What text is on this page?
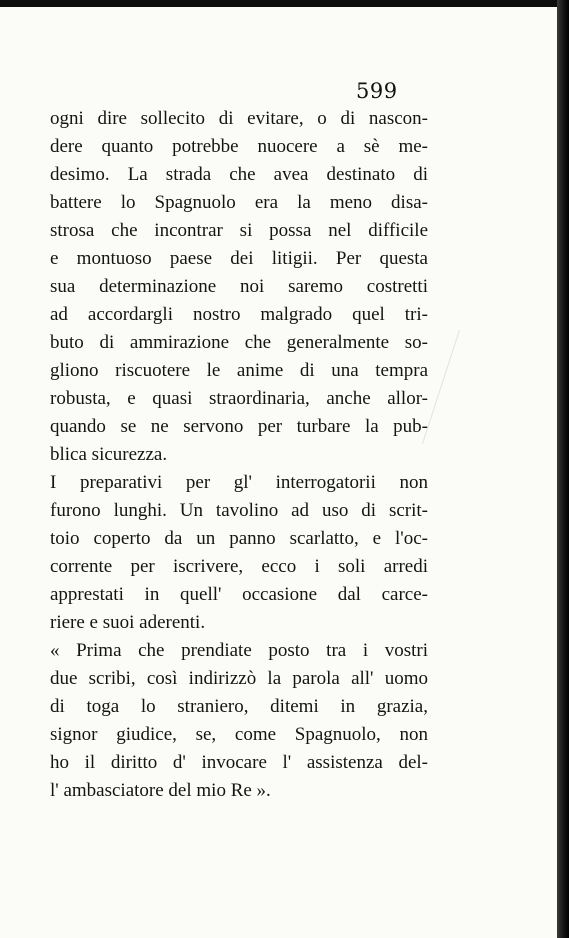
599
ogni dire sollecito di evitare, o di nascon-
dere quanto potrebbe nuocere a sè me-
desimo. La strada che avea destinato di
battere lo Spagnuolo era la meno disa-
strosa che incontrar si possa nel difficile
e montuoso paese dei litigii. Per questa
sua determinazione noi saremo costretti
ad accordargli nostro malgrado quel tri-
buto di ammirazione che generalmente so-
gliono riscuotere le anime di una tempra
robusta, e quasi straordinaria, anche allor-
quando se ne servono per turbare la pub-
blica sicurezza.
I preparativi per gl' interrogatorii non
furono lunghi. Un tavolino ad uso di scrit-
toio coperto da un panno scarlatto, e l'oc-
corrente per iscrivere, ecco i soli arredi
apprestati in quell' occasione dal carce-
riere e suoi aderenti.
« Prima che prendiate posto tra i vostri
due scribi, così indirizzò la parola all' uomo
di toga lo straniero, ditemi in grazia,
signor giudice, se, come Spagnuolo, non
ho il diritto d' invocare l' assistenza del-
l' ambasciatore del mio Re ».
